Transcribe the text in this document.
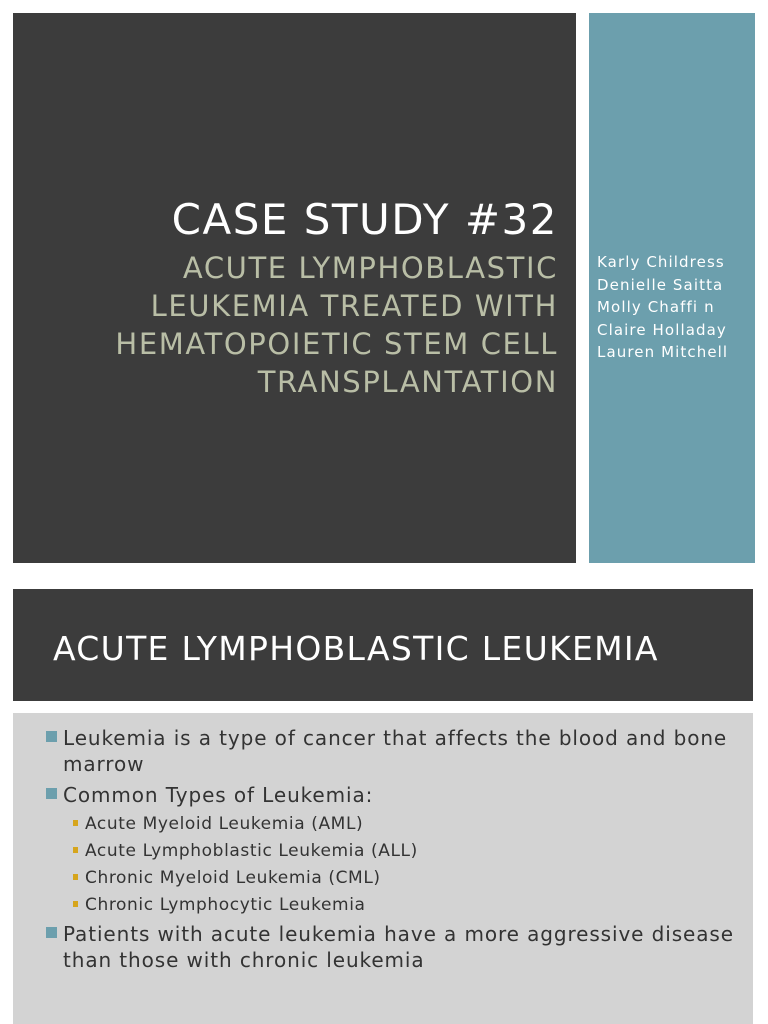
CASE STUDY #32
ACUTE LYMPHOBLASTIC
LEUKEMIA TREATED WITH
HEMATOPOIETIC STEM CELL
TRANSPLANTATION
Karly Childress
Denielle Saitta
Molly Chaffi n
Claire Holladay
Lauren Mitchell
ACUTE LYMPHOBLASTIC LEUKEMIA
Leukemia is a type of cancer that affects the blood and bone marrow
Common Types of Leukemia:
Acute Myeloid Leukemia (AML)
Acute Lymphoblastic Leukemia (ALL)
Chronic Myeloid Leukemia (CML)
Chronic Lymphocytic Leukemia
Patients with acute leukemia have a more aggressive disease than those with chronic leukemia
